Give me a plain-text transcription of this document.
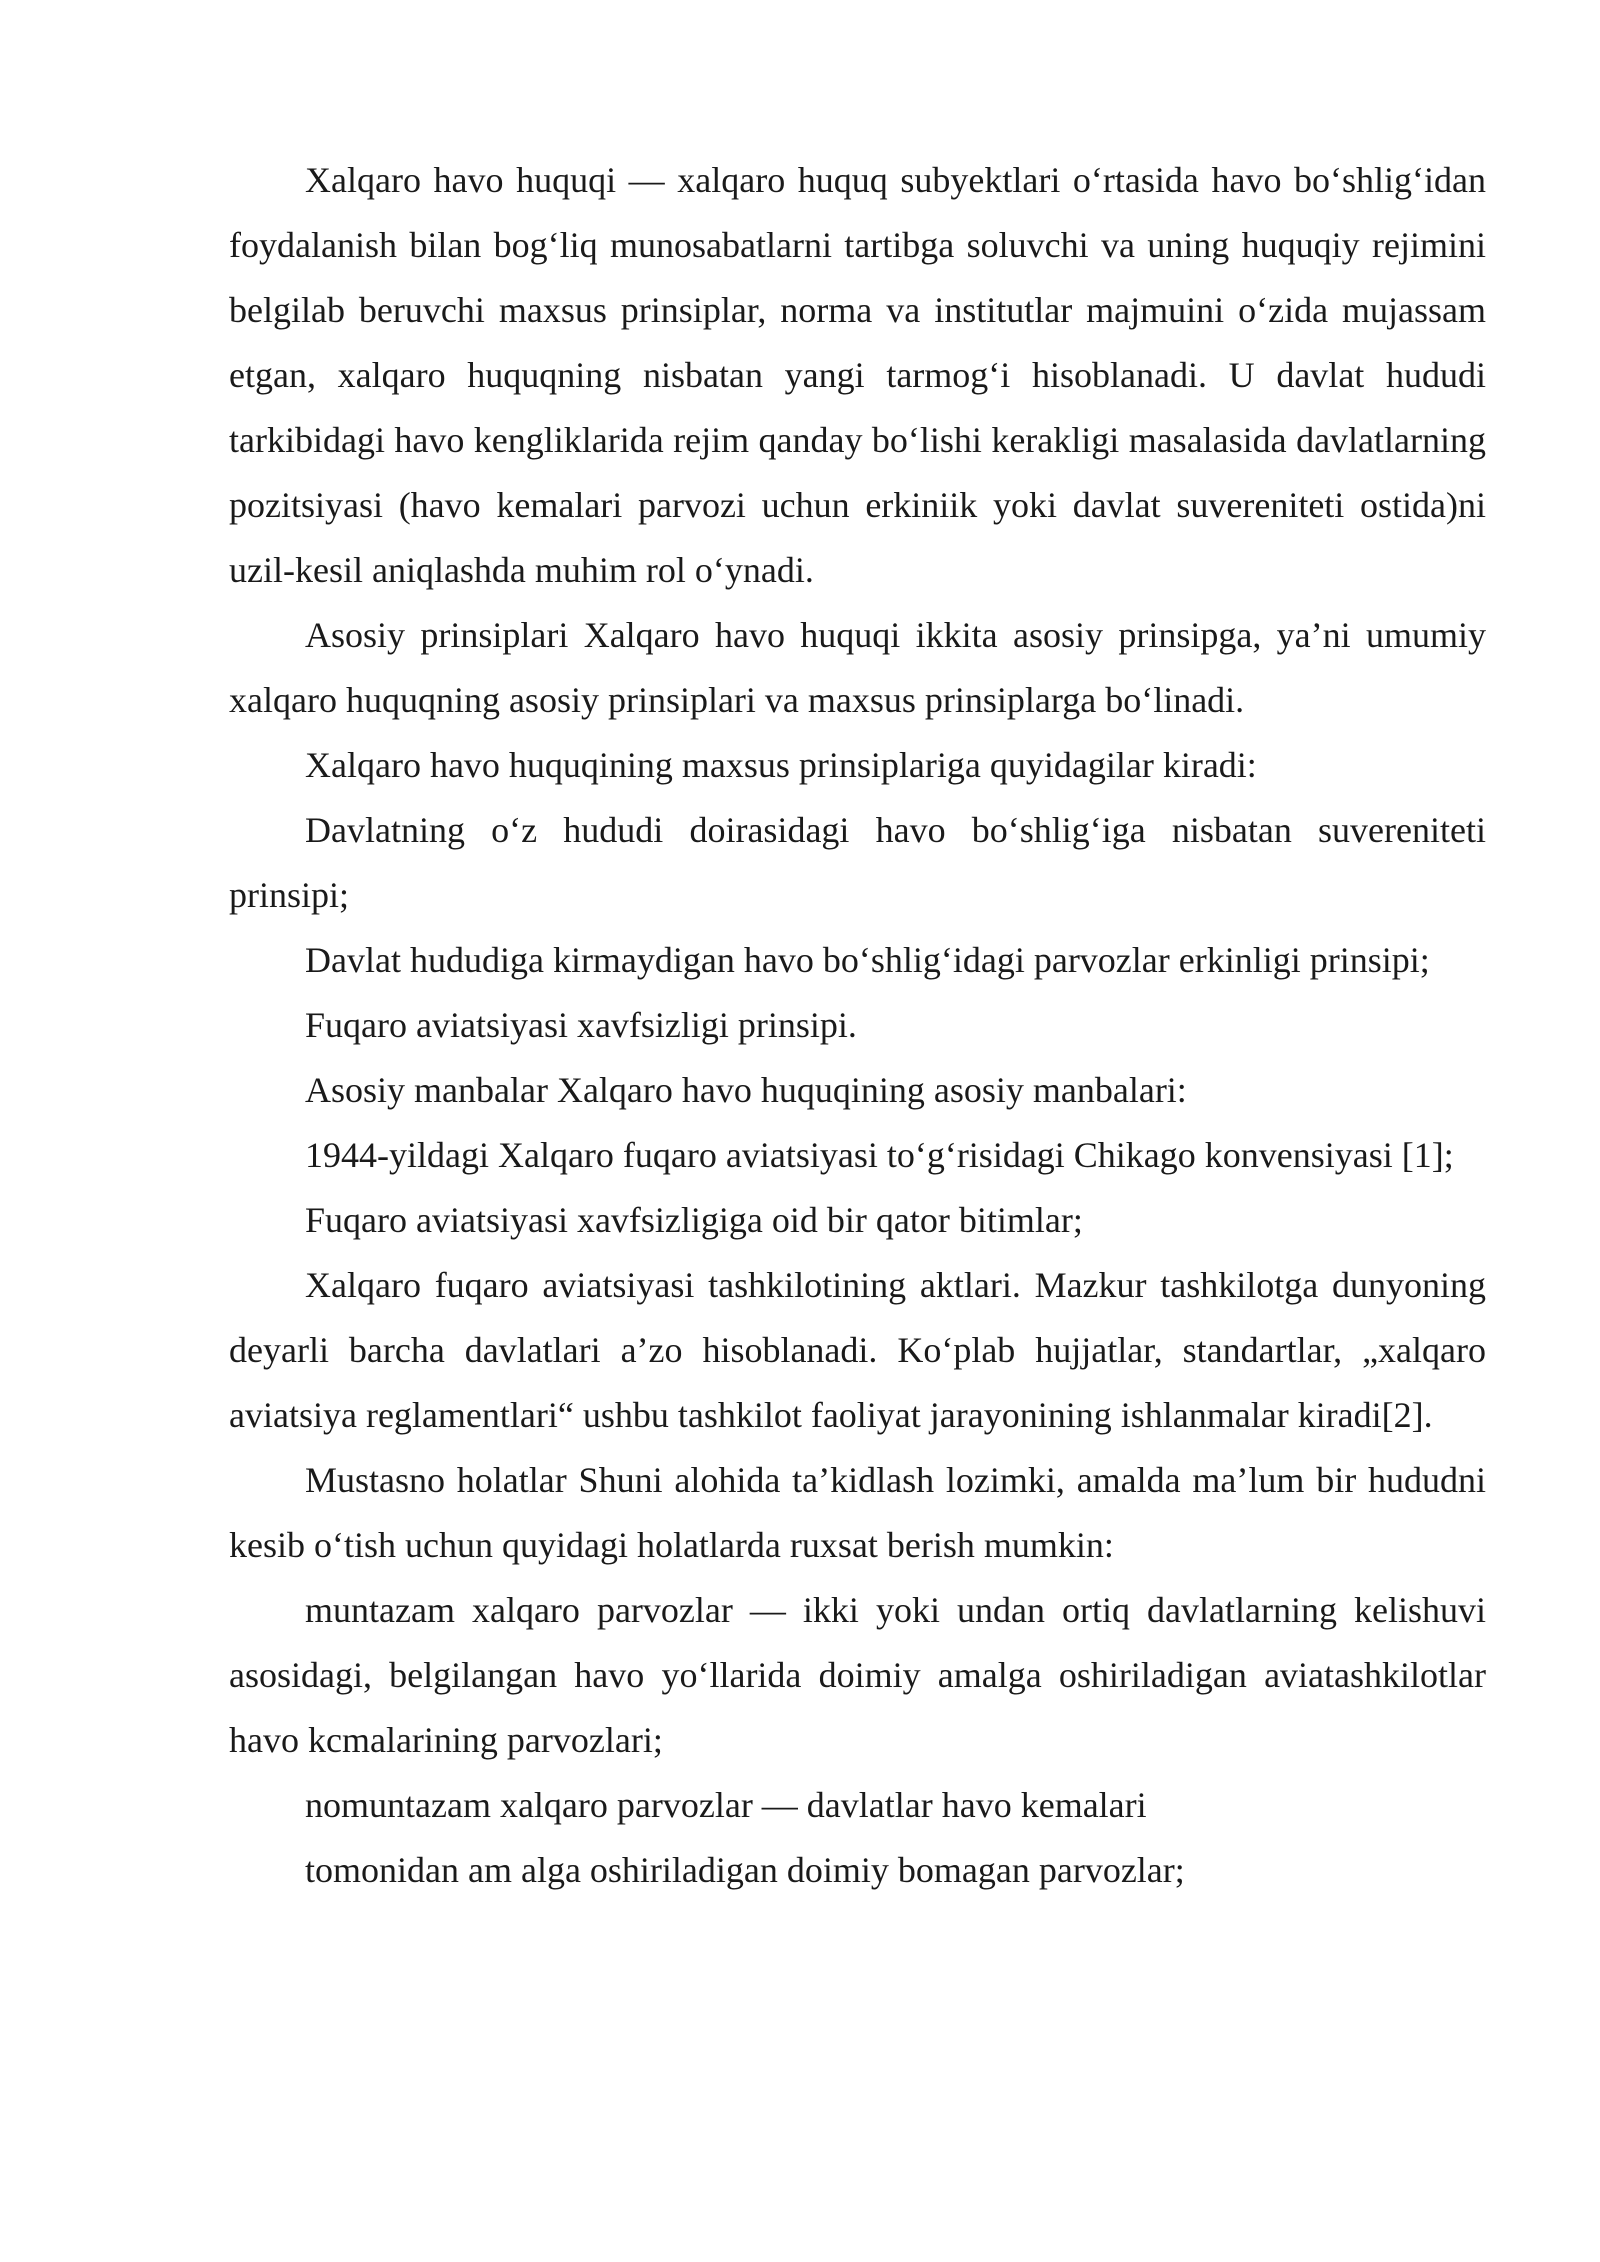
Xalqaro havo huquqi — xalqaro huquq subyektlari o‘rtasida havo bo‘shlig‘idan foydalanish bilan bog‘liq munosabatlarni tartibga soluvchi va uning huquqiy rejimini belgilab beruvchi maxsus prinsiplar, norma va institutlar majmuini o‘zida mujassam etgan, xalqaro huquqning nisbatan yangi tarmog‘i hisoblanadi. U davlat hududi tarkibidagi havo kengliklarida rejim qanday bo‘lishi kerakligi masalasida davlatlarning pozitsiyasi (havo kemalari parvozi uchun erkiniik yoki davlat suvereniteti ostida)ni uzil-kesil aniqlashda muhim rol o‘ynadi.

Asosiy prinsiplari Xalqaro havo huquqi ikkita asosiy prinsipga, ya’ni umumiy xalqaro huquqning asosiy prinsiplari va maxsus prinsiplarga bo‘linadi.

Xalqaro havo huquqining maxsus prinsiplariga quyidagilar kiradi:

Davlatning o‘z hududi doirasidagi havo bo‘shlig‘iga nisbatan suvereniteti prinsipi;

Davlat hududiga kirmaydigan havo bo‘shlig‘idagi parvozlar erkinligi prinsipi;

Fuqaro aviatsiyasi xavfsizligi prinsipi.

Asosiy manbalar Xalqaro havo huquqining asosiy manbalari:

1944-yildagi Xalqaro fuqaro aviatsiyasi to‘g‘risidagi Chikago konvensiyasi [1];

Fuqaro aviatsiyasi xavfsizligiga oid bir qator bitimlar;

Xalqaro fuqaro aviatsiyasi tashkilotining aktlari. Mazkur tashkilotga dunyoning deyarli barcha davlatlari a’zo hisoblanadi. Ko‘plab hujjatlar, standartlar, „xalqaro aviatsiya reglamentlari“ ushbu tashkilot faoliyat jarayonining ishlanmalar kiradi[2].

Mustasno holatlar Shuni alohida ta’kidlash lozimki, amalda ma’lum bir hududni kesib o‘tish uchun quyidagi holatlarda ruxsat berish mumkin:

muntazam xalqaro parvozlar — ikki yoki undan ortiq davlatlarning kelishuvi asosidagi, belgilangan havo yo‘llarida doimiy amalga oshiriladigan aviatashkilotlar havo kcmalarining parvozlari;

nomuntazam xalqaro parvozlar — davlatlar havo kemalari

tomonidan am alga oshiriladigan doimiy bomagan parvozlar;
